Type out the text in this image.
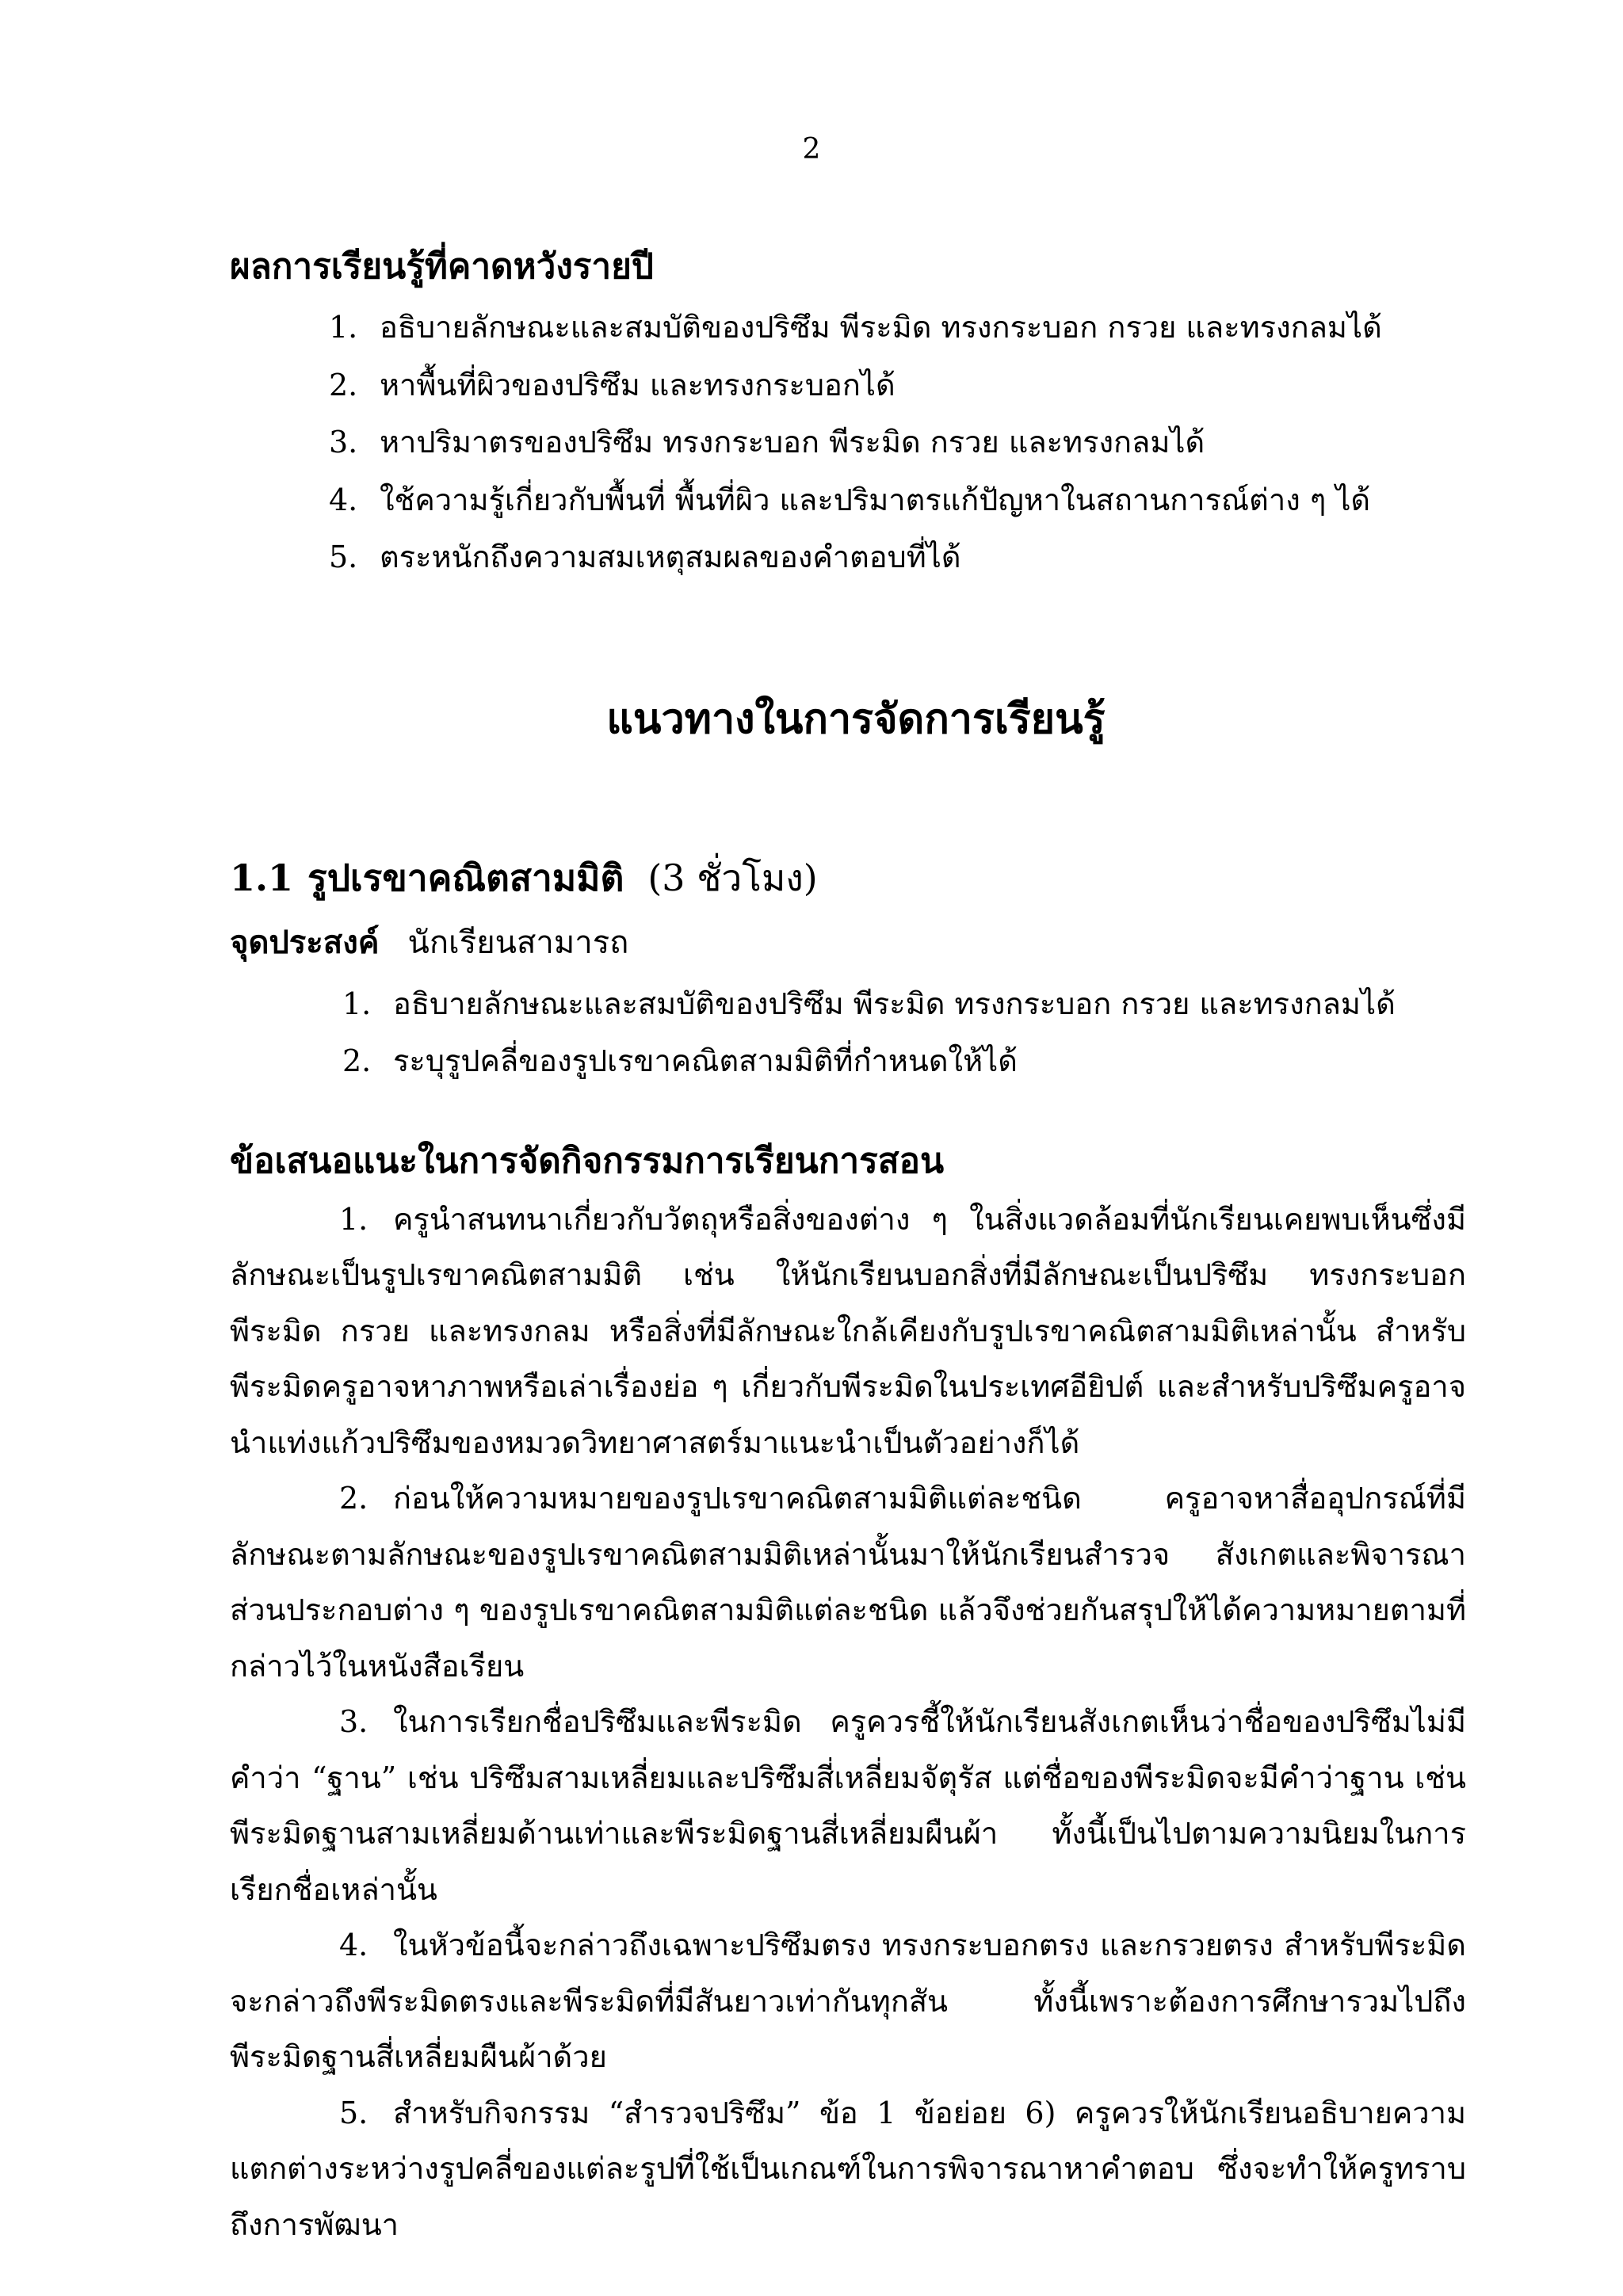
2
ผลการเรียนรู้ที่คาดหวังรายปี
1. อธิบายลักษณะและสมบัติของปริซึม พีระมิด ทรงกระบอก กรวย และทรงกลมได้
2. หาพื้นที่ผิวของปริซึม และทรงกระบอกได้
3. หาปริมาตรของปริซึม ทรงกระบอก พีระมิด กรวย และทรงกลมได้
4. ใช้ความรู้เกี่ยวกับพื้นที่ พื้นที่ผิว และปริมาตรแก้ปัญหาในสถานการณ์ต่าง ๆ ได้
5. ตระหนักถึงความสมเหตุสมผลของคำตอบที่ได้
แนวทางในการจัดการเรียนรู้
1.1 รูปเรขาคณิตสามมิติ (3 ชั่วโมง)
จุดประสงค์ นักเรียนสามารถ
1. อธิบายลักษณะและสมบัติของปริซึม พีระมิด ทรงกระบอก กรวย และทรงกลมได้
2. ระบุรูปคลี่ของรูปเรขาคณิตสามมิติที่กำหนดให้ได้
ข้อเสนอแนะในการจัดกิจกรรมการเรียนการสอน

1. ครูนำสนทนาเกี่ยวกับวัตถุหรือสิ่งของต่าง ๆ ในสิ่งแวดล้อมที่นักเรียนเคยพบเห็นซึ่งมีลักษณะเป็นรูปเรขาคณิตสามมิติ เช่น ให้นักเรียนบอกสิ่งที่มีลักษณะเป็นปริซึม ทรงกระบอก พีระมิด กรวย และทรงกลม หรือสิ่งที่มีลักษณะใกล้เคียงกับรูปเรขาคณิตสามมิติเหล่านั้น สำหรับพีระมิดครูอาจหาภาพหรือเล่าเรื่องย่อ ๆ เกี่ยวกับพีระมิดในประเทศอียิปต์ และสำหรับปริซึมครูอาจนำแท่งแก้วปริซึมของหมวดวิทยาศาสตร์มาแนะนำเป็นตัวอย่างก็ได้

2. ก่อนให้ความหมายของรูปเรขาคณิตสามมิติแต่ละชนิด ครูอาจหาสื่ออุปกรณ์ที่มีลักษณะตามลักษณะของรูปเรขาคณิตสามมิติเหล่านั้นมาให้นักเรียนสำรวจ สังเกตและพิจารณาส่วนประกอบต่าง ๆ ของรูปเรขาคณิตสามมิติแต่ละชนิด แล้วจึงช่วยกันสรุปให้ได้ความหมายตามที่กล่าวไว้ในหนังสือเรียน

3. ในการเรียกชื่อปริซึมและพีระมิด ครูควรชี้ให้นักเรียนสังเกตเห็นว่าชื่อของปริซึมไม่มีคำว่า “ฐาน” เช่น ปริซึมสามเหลี่ยมและปริซึมสี่เหลี่ยมจัตุรัส แต่ชื่อของพีระมิดจะมีคำว่าฐาน เช่น พีระมิดฐานสามเหลี่ยมด้านเท่าและพีระมิดฐานสี่เหลี่ยมผืนผ้า ทั้งนี้เป็นไปตามความนิยมในการเรียกชื่อเหล่านั้น

4. ในหัวข้อนี้จะกล่าวถึงเฉพาะปริซึมตรง ทรงกระบอกตรง และกรวยตรง สำหรับพีระมิดจะกล่าวถึงพีระมิดตรงและพีระมิดที่มีสันยาวเท่ากันทุกสัน ทั้งนี้เพราะต้องการศึกษารวมไปถึงพีระมิดฐานสี่เหลี่ยมผืนผ้าด้วย

5. สำหรับกิจกรรม “สำรวจปริซึม” ข้อ 1 ข้อย่อย 6) ครูควรให้นักเรียนอธิบายความแตกต่างระหว่างรูปคลี่ของแต่ละรูปที่ใช้เป็นเกณฑ์ในการพิจารณาหาคำตอบ ซึ่งจะทำให้ครูทราบถึงการพัฒนา
